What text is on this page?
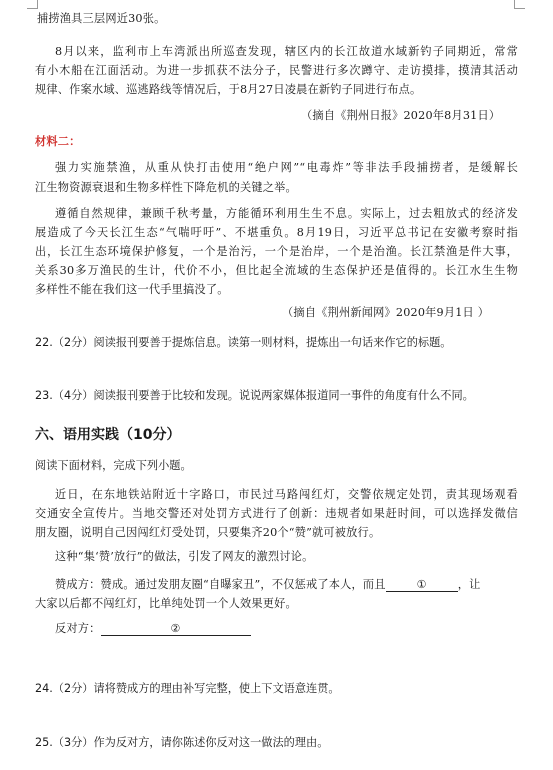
捕捞渔具三层网近30张。
8月以来，监利市上车湾派出所巡查发现，辖区内的长江故道水域新钓子同期近，常常
有小木船在江面活动。为进一步抓获不法分子，民警进行多次蹲守、走访摸排，摸清其活动
规律、作案水域、巡逃路线等情况后，于8月27日凌晨在新钓子同进行布点。
（摘自《荆州日报》2020年8月31日）
材料二：
强力实施禁渔，从重从快打击使用“绝户网”“电毒炸”等非法手段捕捞者，是缓解长
江生物资源衰退和生物多样性下降危机的关键之举。
遵循自然规律，兼顾千秋考量，方能循环利用生生不息。实际上，过去粗放式的经济发
展造成了今天长江生态“气喘吁吁”、不堪重负。8月19日，习近平总书记在安徽考察时指
出，长江生态环境保护修复，一个是治污，一个是治岸，一个是治渔。长江禁渔是件大事，
关系30多万渔民的生计，代价不小，但比起全流域的生态保护还是值得的。长江水生生物
多样性不能在我们这一代手里搞没了。
（摘自《荆州新闻网》2020年9月1日 ）
22.（2分）阅读报刊要善于提炼信息。读第一则材料，提炼出一句话来作它的标题。
23.（4分）阅读报刊要善于比较和发现。说说两家媒体报道同一事件的角度有什么不同。
六、语用实践（10分）
阅读下面材料，完成下列小题。
近日，在东地铁站附近十字路口，市民过马路闯红灯，交警依规定处罚，责其现场观看
交通安全宣传片。当地交警还对处罚方式进行了创新：违规者如果赶时间，可以选择发微信
朋友圈，说明自己因闯红灯受处罚，只要集齐20个“赞”就可被放行。
这种“集‘赞’放行”的做法，引发了网友的激烈讨论。
赞成方：赞成。通过发朋友圈“自曝家丑”，不仅惩戒了本人，而且	①	，让
大家以后都不闯红灯，比单纯处罚一个人效果更好。
反对方：	②
24.（2分）请将赞成方的理由补写完整，使上下文语意连贯。
25.（3分）作为反对方，请你陈述你反对这一做法的理由。
